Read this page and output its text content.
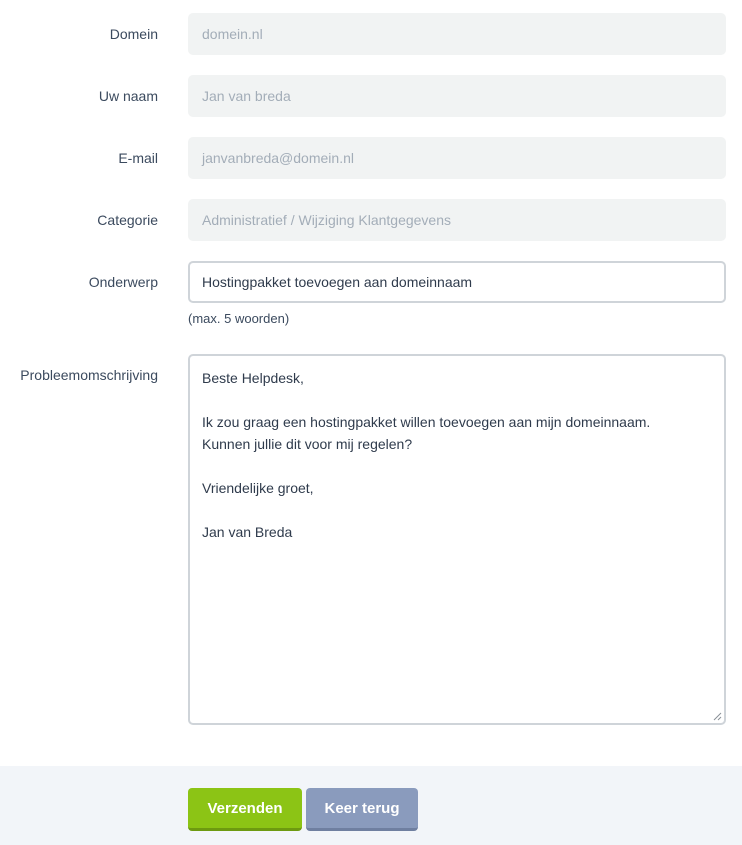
Domein	domein.nl
Uw naam	Jan van breda
E-mail	janvanbreda@domein.nl
Categorie	Administratief / Wijziging Klantgegevens
Onderwerp	Hostingpakket toevoegen aan domeinnaam
(max. 5 woorden)
Probleemomschrijving	Beste Helpdesk,

Ik zou graag een hostingpakket willen toevoegen aan mijn domeinnaam.

Kunnen jullie dit voor mij regelen?

Vriendelijke groet,

Jan van Breda

Verzenden	Keer terug
